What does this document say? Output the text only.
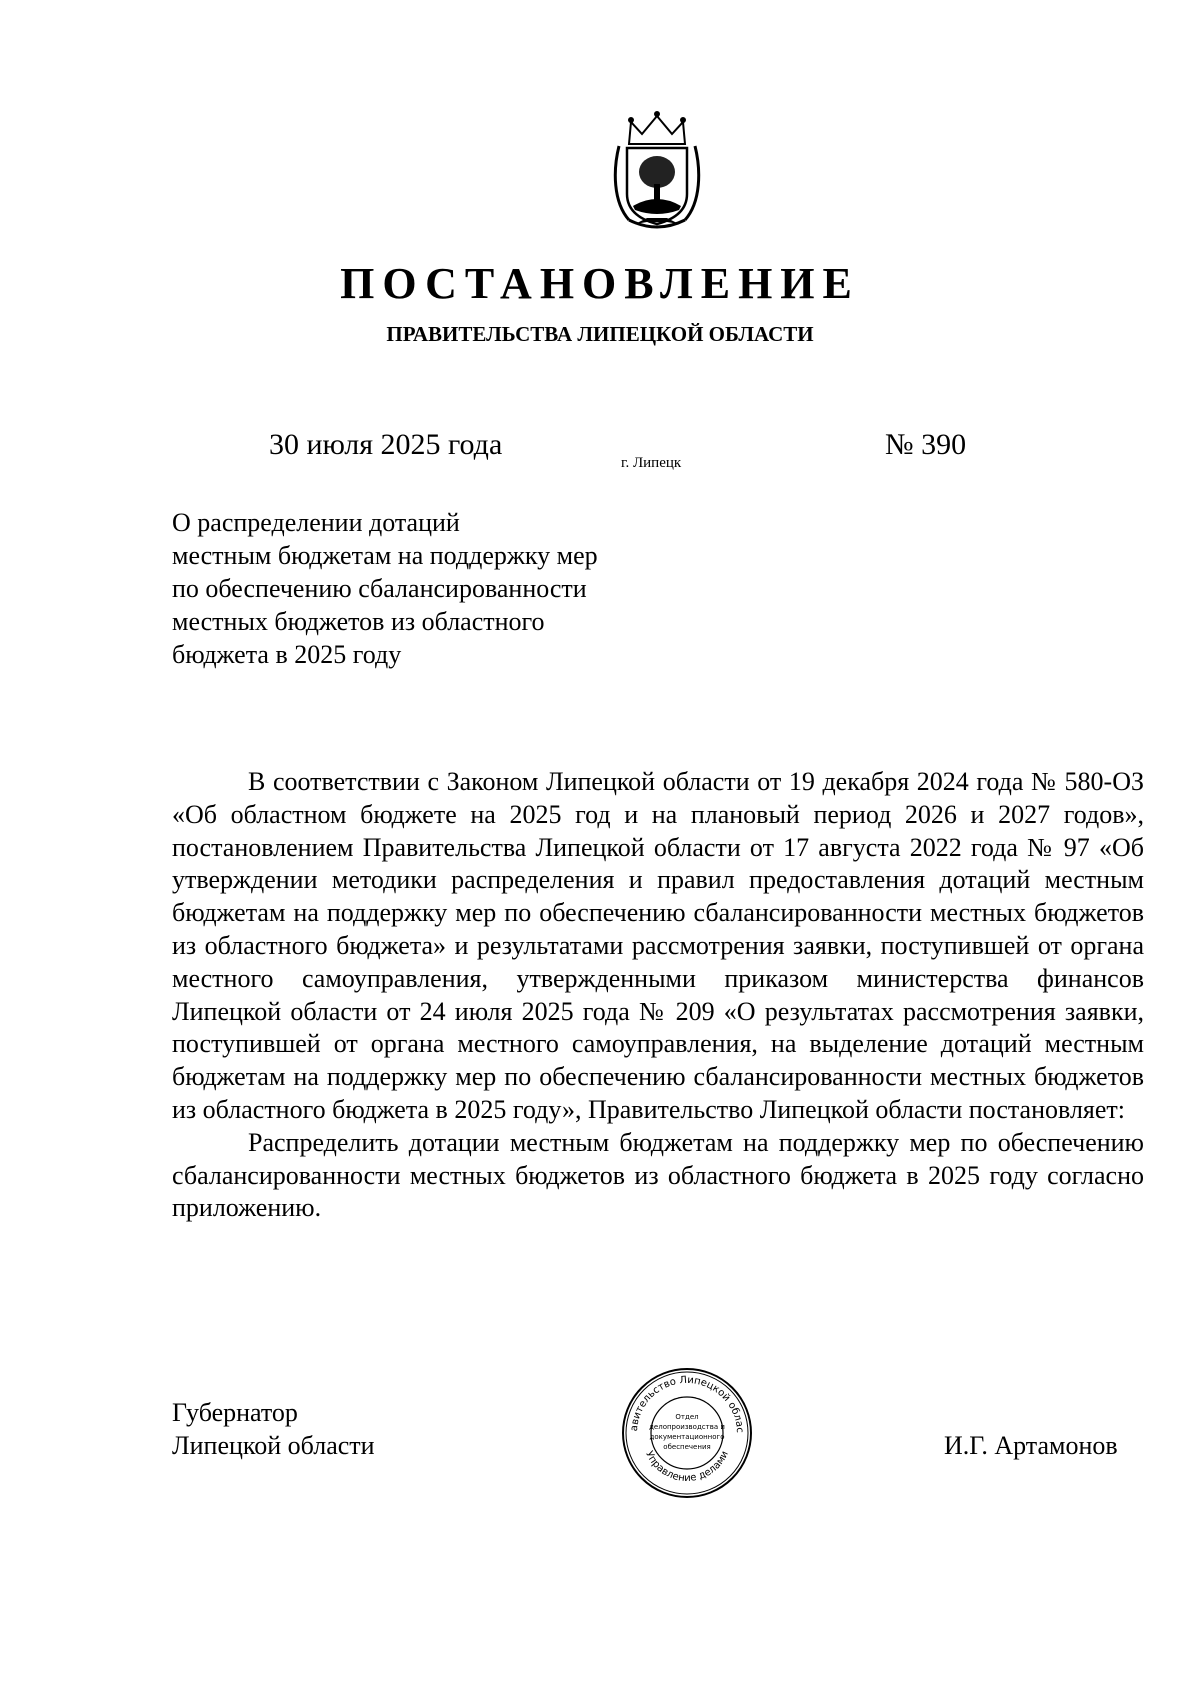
ПОСТАНОВЛЕНИЕ
ПРАВИТЕЛЬСТВА ЛИПЕЦКОЙ ОБЛАСТИ
30 июля 2025 года
г. Липецк
№ 390
О распределении дотаций
местным бюджетам на поддержку мер
по обеспечению сбалансированности
местных бюджетов из областного
бюджета в 2025 году

В соответствии с Законом Липецкой области от 19 декабря 2024 года № 580-ОЗ «Об областном бюджете на 2025 год и на плановый период 2026 и 2027 годов», постановлением Правительства Липецкой области от 17 августа 2022 года № 97 «Об утверждении методики распределения и правил предоставления дотаций местным бюджетам на поддержку мер по обеспечению сбалансированности местных бюджетов из областного бюджета» и результатами рассмотрения заявки, поступившей от органа местного самоуправления, утвержденными приказом министерства финансов Липецкой области от 24 июля 2025 года № 209 «О результатах рассмотрения заявки, поступившей от органа местного самоуправления, на выделение дотаций местным бюджетам на поддержку мер по обеспечению сбалансированности местных бюджетов из областного бюджета в 2025 году», Правительство Липецкой области постановляет:

Распределить дотации местным бюджетам на поддержку мер по обеспечению сбалансированности местных бюджетов из областного бюджета в 2025 году согласно приложению.

Губернатор
Липецкой области
авительство Липецкой облас
Управление делами
Отдел
делопроизводства и
документационного
обеспечения	И.Г. Артамонов
